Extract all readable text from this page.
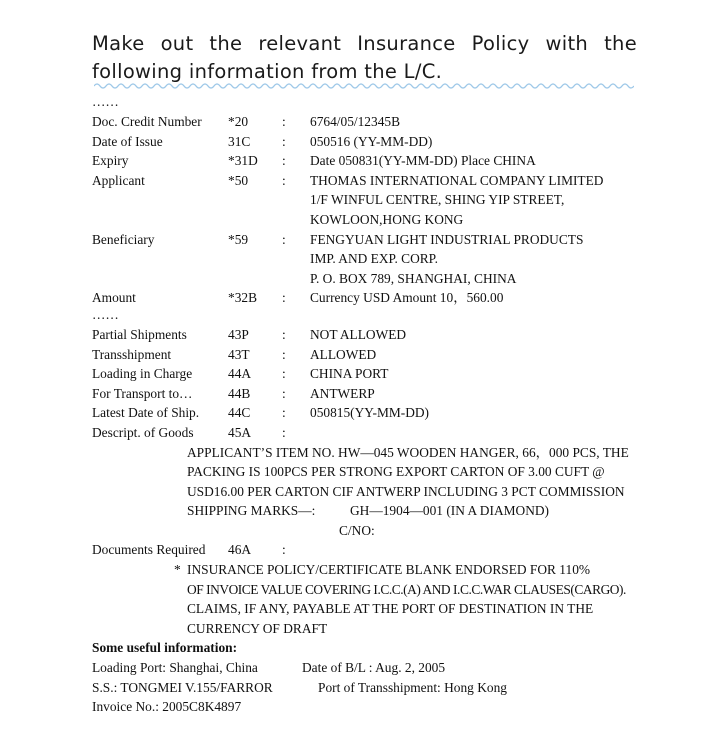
Make out the relevant Insurance Policy with the
following information from the L/C.
……
Doc. Credit Number *20	: 6764/05/12345B
Date of Issue	31C : 050516 (YY-MM-DD)
Expiry	*31D : Date 050831(YY-MM-DD) Place CHINA
Applicant	*50	: THOMAS INTERNATIONAL COMPANY LIMITED
1/F WINFUL CENTRE, SHING YIP STREET,
KOWLOON,HONG KONG
Beneficiary	*59	: FENGYUAN LIGHT INDUSTRIAL PRODUCTS
IMP. AND EXP. CORP.
P. O. BOX 789, SHANGHAI, CHINA
Amount	*32B : Currency USD Amount 10，560.00
……
Partial Shipments	43P : NOT ALLOWED
Transshipment	43T : ALLOWED
Loading in Charge	44A : CHINA PORT
For Transport to…	44B : ANTWERP
Latest Date of Ship. 44C : 050815(YY-MM-DD)
Descript. of Goods	45A :
APPLICANT’S ITEM NO. HW—045 WOODEN HANGER, 66，000 PCS, THE
PACKING IS 100PCS PER STRONG EXPORT CARTON OF 3.00 CUFT @
USD16.00 PER CARTON CIF ANTWERP INCLUDING 3 PCT COMMISSION
SHIPPING MARKS—:	GH—1904—001 (IN A DIAMOND)
C/NO:
Documents Required 46A :
* INSURANCE POLICY/CERTIFICATE BLANK ENDORSED FOR 110%
OF INVOICE VALUE COVERING I.C.C.(A) AND I.C.C.WAR CLAUSES(CARGO).
CLAIMS, IF ANY, PAYABLE AT THE PORT OF DESTINATION IN THE
CURRENCY OF DRAFT
Some useful information:
Loading Port: Shanghai, China	Date of B/L : Aug. 2, 2005
S.S.: TONGMEI V.155/FARROR	Port of Transshipment: Hong Kong
Invoice No.: 2005C8K4897
